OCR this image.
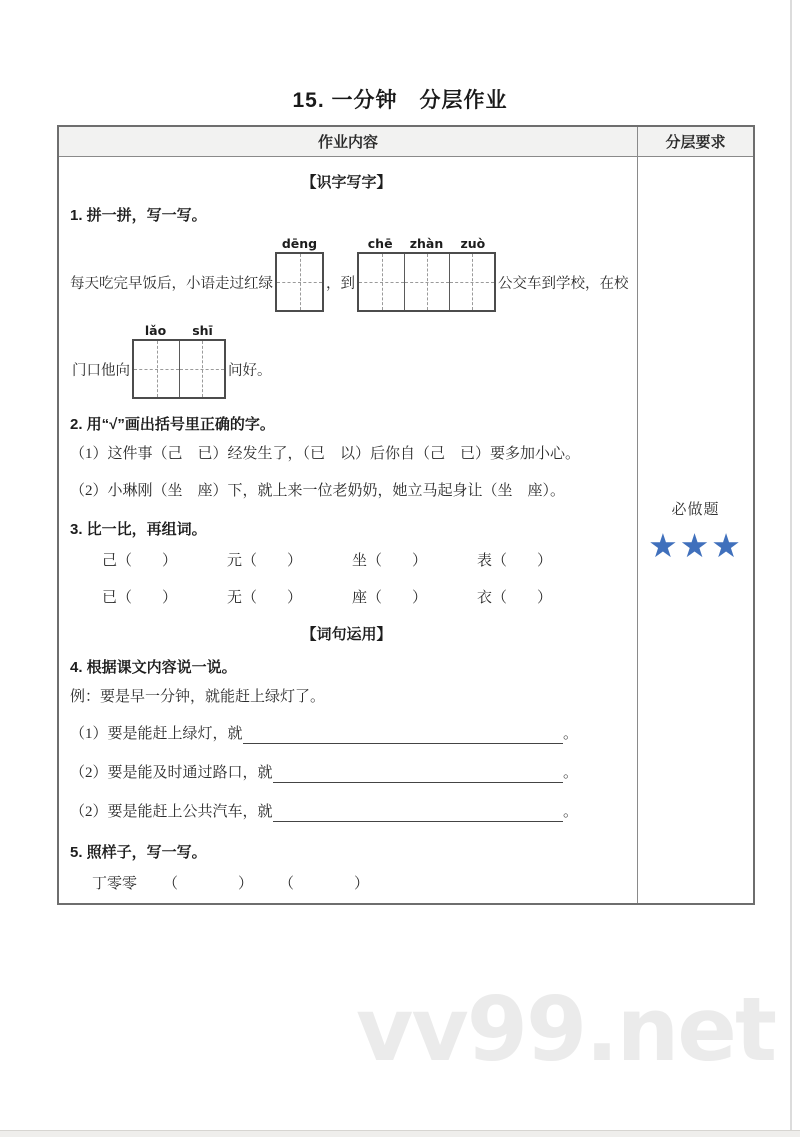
15. 一分钟　分层作业
作业内容	分层要求
【识字写字】
1. 拼一拼，写一写。
每天吃完早饭后，小语走过红绿
dēng
，到
chē	zhàn	zuò
公交车到学校，在校
门口他向
lǎo	shī
问好。
2. 用“√”画出括号里正确的字。
（1）这件事（己　已）经发生了，（已　以）后你自（己　已）要多加小心。
（2）小琳刚（坐　座）下，就上来一位老奶奶，她立马起身让（坐　座）。
3. 比一比，再组词。
己（　　）	元（　　）	坐（　　）	表（　　）
已（　　）	无（　　）	座（　　）	衣（　　）
【词句运用】
4. 根据课文内容说一说。
例：要是早一分钟，就能赶上绿灯了。
（1）要是能赶上绿灯，就	。
（2）要是能及时通过路口，就	。
（2）要是能赶上公共汽车，就	。
5. 照样子，写一写。
丁零零 （　　　　） （　　　　）
必做题
★★★
vv99.net
